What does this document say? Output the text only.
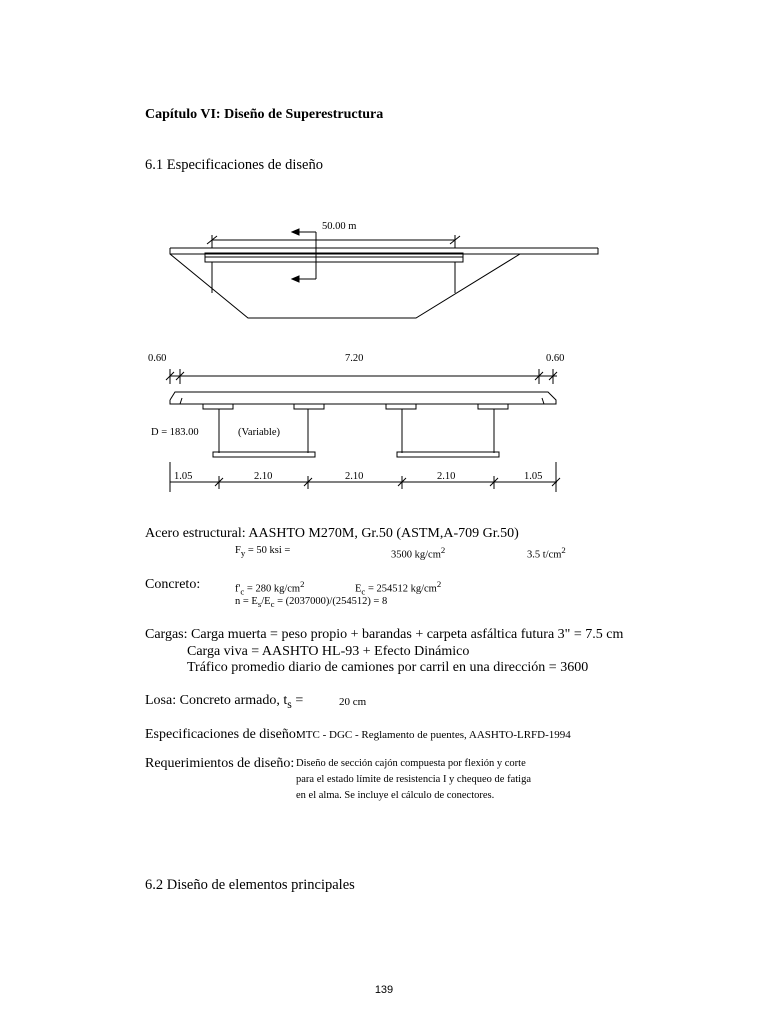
Capítulo VI: Diseño de Superestructura
6.1 Especificaciones de diseño
50.00 m
0.60	7.20	0.60
D = 183.00	(Variable)
1.05	2.10	2.10	2.10	1.05
Acero estructural: AASHTO M270M, Gr.50 (ASTM,A-709 Gr.50)
$F_y = 50$ ksi =	3500 $kg/cm^2$	3.5 $t/cm^2$
Concreto:	$f'_c = 280$ $kg/cm^2$	$E_c = 254512$ $kg/cm^2$
$n = E_s/E_c = (2037000)/(254512) = 8$
Cargas: Carga muerta = peso propio + barandas + carpeta asfáltica futura 3" = 7.5 cm
Carga viva = AASHTO HL-93 + Efecto Dinámico
Tráfico promedio diario de camiones por carril en una dirección = 3600
Losa: Concreto armado, $t_s$ =	20 cm
Especificaciones de diseño:
MTC - DGC - Reglamento de puentes, AASHTO-LRFD-1994
Requerimientos de diseño: Diseño de sección cajón compuesta por flexión y corte
para el estado límite de resistencia I y chequeo de fatiga
en el alma. Se incluye el cálculo de conectores.
6.2 Diseño de elementos principales
139
